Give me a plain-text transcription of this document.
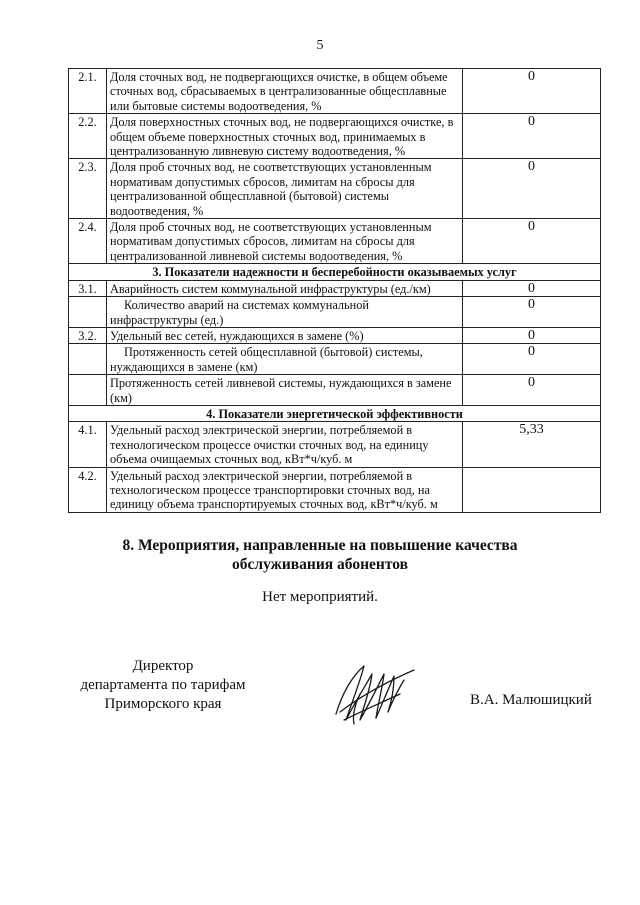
5
2.1.	Доля сточных вод, не подвергающихся очистке, в общем объеме сточных вод, сбрасываемых в централизованные общесплавные или бытовые системы водоотведения, %	0
2.2.	Доля поверхностных сточных вод, не подвергающихся очистке, в общем объеме поверхностных сточных вод, принимаемых в централизованную ливневую систему водоотведения, %	0
2.3.	Доля проб сточных вод, не соответствующих установленным нормативам допустимых сбросов, лимитам на сбросы для централизованной общесплавной (бытовой) системы водоотведения, %	0
2.4.	Доля проб сточных вод, не соответствующих установленным нормативам допустимых сбросов, лимитам на сбросы для централизованной ливневой системы водоотведения, %	0
3. Показатели надежности и бесперебойности оказываемых услуг		
3.1.	Аварийность систем коммунальной инфраструктуры (ед./км)	0
	Количество аварий на системах коммунальной инфраструктуры (ед.)	0
3.2.	Удельный вес сетей, нуждающихся в замене (%)	0
	Протяженность сетей общесплавной (бытовой) системы, нуждающихся в замене (км)	0
	Протяженность сетей ливневой системы, нуждающихся в замене (км)	0
4. Показатели энергетической эффективности		
4.1.	Удельный расход электрической энергии, потребляемой в технологическом процессе очистки сточных вод, на единицу объема очищаемых сточных вод, кВт*ч/куб. м	5,33
4.2.	Удельный расход электрической энергии, потребляемой в технологическом процессе транспортировки сточных вод, на единицу объема транспортируемых сточных вод, кВт*ч/куб. м	
8. Мероприятия, направленные на повышение качества
обслуживания абонентов
Нет мероприятий.
Директор
департамента по тарифам
Приморского края	В.А. Малюшицкий
